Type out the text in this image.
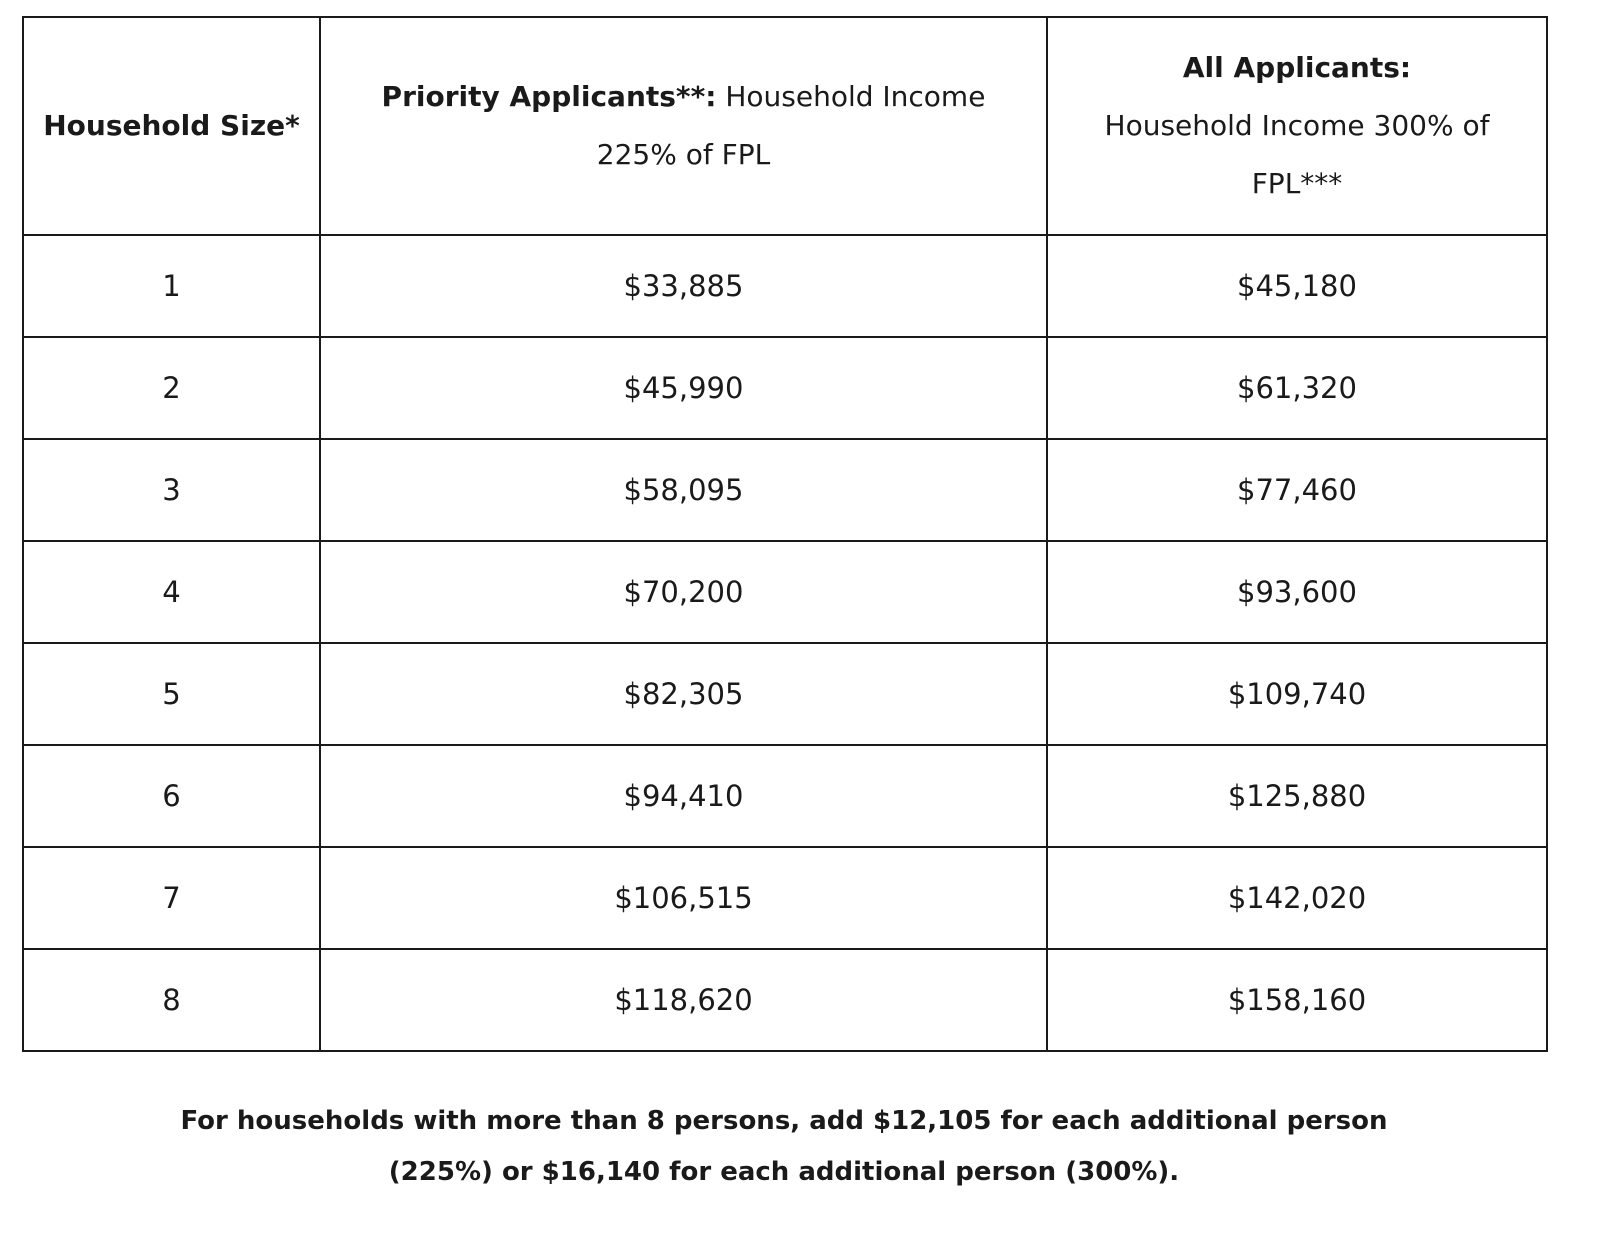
Household Size*	Priority Applicants**: Household Income 225% of FPL	All Applicants:
Household Income 300% of FPL***
1	$33,885	$45,180
2	$45,990	$61,320
3	$58,095	$77,460
4	$70,200	$93,600
5	$82,305	$109,740
6	$94,410	$125,880
7	$106,515	$142,020
8	$118,620	$158,160
For households with more than 8 persons, add $12,105 for each additional person
(225%) or $16,140 for each additional person (300%).
